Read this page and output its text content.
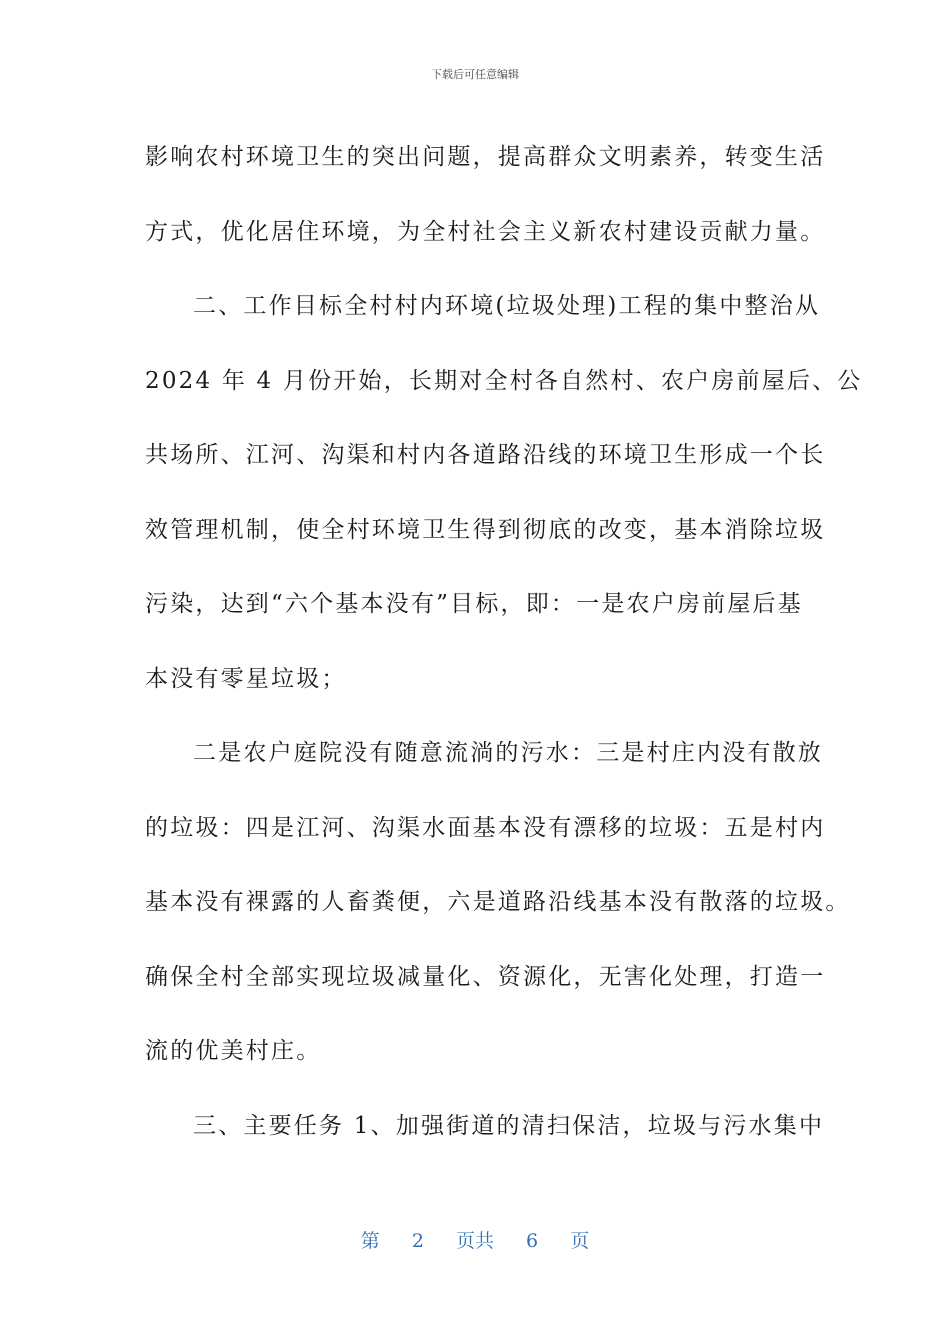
下载后可任意编辑

影响农村环境卫生的突出问题，提高群众文明素养，转变生活
方式，优化居住环境，为全村社会主义新农村建设贡献力量。

二、工作目标全村村内环境(垃圾处理)工程的集中整治从
2024 年 4 月份开始，长期对全村各自然村、农户房前屋后、公
共场所、江河、沟渠和村内各道路沿线的环境卫生形成一个长
效管理机制，使全村环境卫生得到彻底的改变，基本消除垃圾
污染，达到“六个基本没有”目标，即：一是农户房前屋后基
本没有零星垃圾；

二是农户庭院没有随意流淌的污水：三是村庄内没有散放
的垃圾：四是江河、沟渠水面基本没有漂移的垃圾：五是村内
基本没有裸露的人畜粪便，六是道路沿线基本没有散落的垃圾。
确保全村全部实现垃圾减量化、资源化，无害化处理，打造一
流的优美村庄。

三、主要任务 1、加强街道的清扫保洁，垃圾与污水集中

第 2 页共 6 页
